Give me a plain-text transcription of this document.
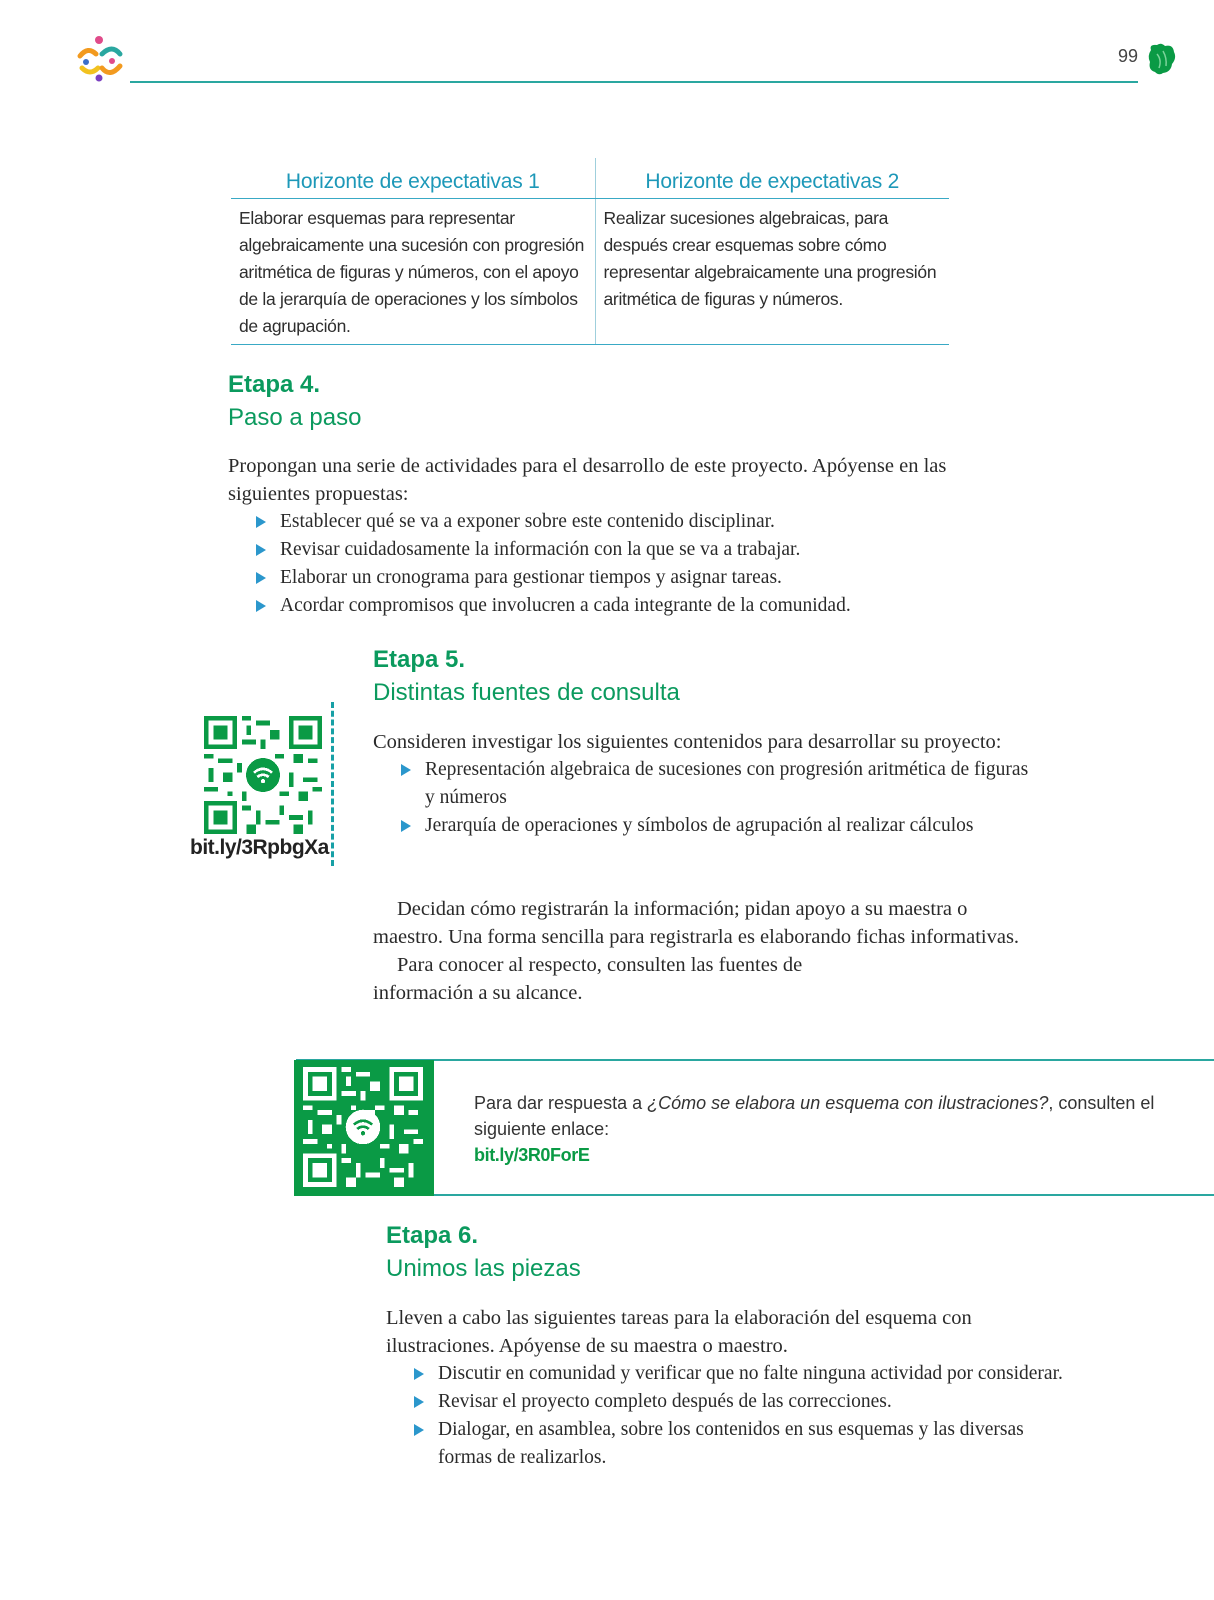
99
Horizonte de expectativas 1	Horizonte de expectativas 2
Elaborar esquemas para representar algebraicamente una sucesión con progresión aritmética de figuras y números, con el apoyo de la jerarquía de operaciones y los símbolos de agrupación.	Realizar sucesiones algebraicas, para después crear esquemas sobre cómo representar algebraicamente una progresión aritmética de figuras y números.
Etapa 4.
Paso a paso

Propongan una serie de actividades para el desarrollo de este proyecto. Apóyense en las siguientes propuestas:

Establecer qué se va a exponer sobre este contenido disciplinar.
Revisar cuidadosamente la información con la que se va a trabajar.
Elaborar un cronograma para gestionar tiempos y asignar tareas.
Acordar compromisos que involucren a cada integrante de la comunidad.
Etapa 5.
Distintas fuentes de consulta
bit.ly/3RpbgXa

Consideren investigar los siguientes contenidos para desarrollar su proyecto:

Representación algebraica de sucesiones con progresión aritmética de figuras y números
Jerarquía de operaciones y símbolos de agrupación al realizar cálculos

Decidan cómo registrarán la información; pidan apoyo a su maestra o maestro. Una forma sencilla para registrarla es elaborando fichas informativas.

Para conocer al respecto, consulten las fuentes de información a su alcance.

Para dar respuesta a ¿Cómo se elabora un esquema con ilustraciones?, consulten el siguiente enlace:
bit.ly/3R0ForE
Etapa 6.
Unimos las piezas

Lleven a cabo las siguientes tareas para la elaboración del esquema con ilustraciones. Apóyense de su maestra o maestro.

Discutir en comunidad y verificar que no falte ninguna actividad por considerar.
Revisar el proyecto completo después de las correcciones.
Dialogar, en asamblea, sobre los contenidos en sus esquemas y las diversas formas de realizarlos.
